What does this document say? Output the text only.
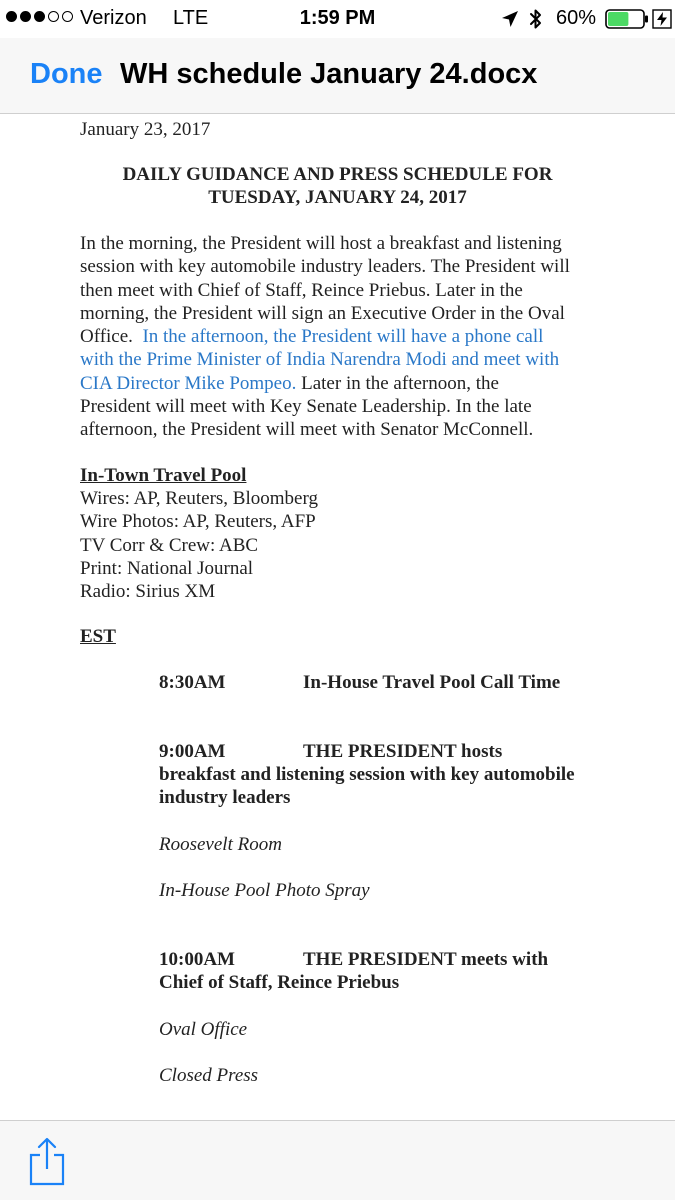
Verizon LTE	1:59 PM	60%
Done WH schedule January 24.docx
January 23, 2017
DAILY GUIDANCE AND PRESS SCHEDULE FOR
TUESDAY, JANUARY 24, 2017
In the morning, the President will host a breakfast and listening
session with key automobile industry leaders. The President will
then meet with Chief of Staff, Reince Priebus. Later in the
morning, the President will sign an Executive Order in the Oval
Office. In the afternoon, the President will have a phone call
with the Prime Minister of India Narendra Modi and meet with
CIA Director Mike Pompeo. Later in the afternoon, the
President will meet with Key Senate Leadership. In the late
afternoon, the President will meet with Senator McConnell.
In-Town Travel Pool
Wires: AP, Reuters, Bloomberg
Wire Photos: AP, Reuters, AFP
TV Corr & Crew: ABC
Print: National Journal
Radio: Sirius XM
EST
8:30AM	In-House Travel Pool Call Time
9:00AM	THE PRESIDENT hosts
breakfast and listening session with key automobile
industry leaders
Roosevelt Room
In-House Pool Photo Spray
10:00AM	THE PRESIDENT meets with
Chief of Staff, Reince Priebus
Oval Office
Closed Press
